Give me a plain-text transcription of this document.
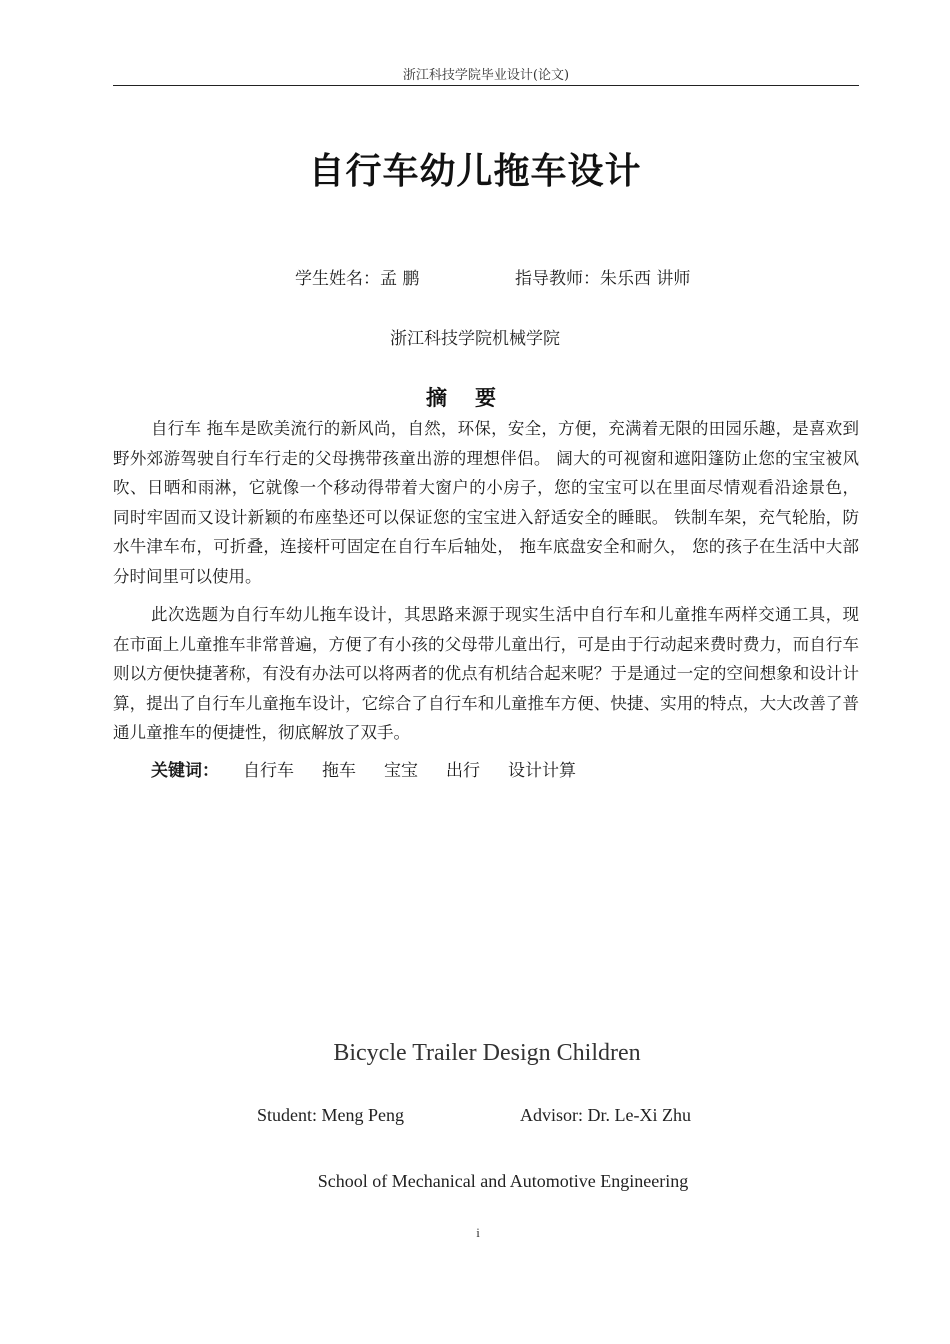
浙江科技学院毕业设计(论文)
自行车幼儿拖车设计
学生姓名：孟 鹏	指导教师：朱乐西 讲师
浙江科技学院机械学院
摘要

自行车 拖车是欧美流行的新风尚，自然，环保，安全，方便，充满着无限的田园乐趣，是喜欢到野外郊游驾驶自行车行走的父母携带孩童出游的理想伴侣。 阔大的可视窗和遮阳篷防止您的宝宝被风吹、日晒和雨淋，它就像一个移动得带着大窗户的小房子，您的宝宝可以在里面尽情观看沿途景色， 同时牢固而又设计新颖的布座垫还可以保证您的宝宝进入舒适安全的睡眠。 铁制车架，充气轮胎，防水牛津车布，可折叠，连接杆可固定在自行车后轴处， 拖车底盘安全和耐久， 您的孩子在生活中大部分时间里可以使用。

此次选题为自行车幼儿拖车设计，其思路来源于现实生活中自行车和儿童推车两样交通工具，现在市面上儿童推车非常普遍，方便了有小孩的父母带儿童出行，可是由于行动起来费时费力，而自行车则以方便快捷著称，有没有办法可以将两者的优点有机结合起来呢？于是通过一定的空间想象和设计计算，提出了自行车儿童拖车设计，它综合了自行车和儿童推车方便、快捷、实用的特点，大大改善了普通儿童推车的便捷性，彻底解放了双手。

关键词： 自行车 拖车 宝宝 出行 设计计算
Bicycle Trailer Design Children
Student: Meng Peng	Advisor: Dr. Le-Xi Zhu
School of Mechanical and Automotive Engineering
i
